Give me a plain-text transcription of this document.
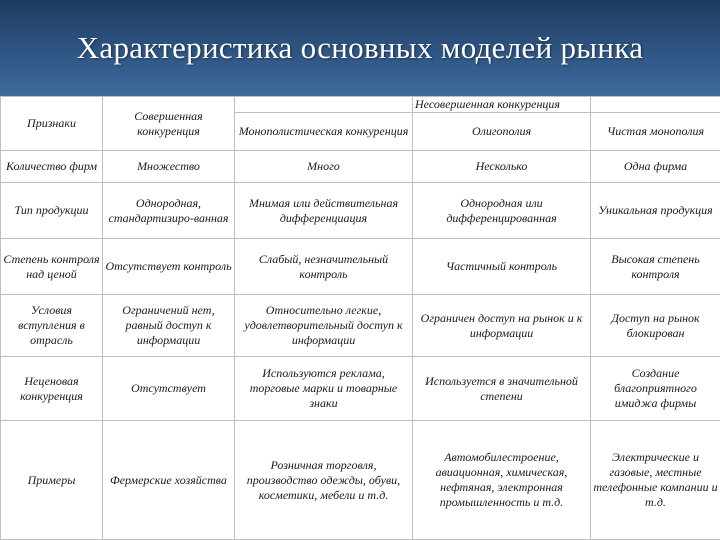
Характеристика основных моделей рынка
Признаки	Совершенная конкуренция		Несовершенная конкуренция	
		Монополистическая конкуренция	Олигополия	Чистая монополия
Количество фирм	Множество	Много	Несколько	Одна фирма
Тип продукции	Однородная, стандартизиро-ванная	Мнимая или действительная дифференциация	Однородная или дифференцированная	Уникальная продукция
Степень контроля над ценой	Отсутствует контроль	Слабый, незначительный контроль	Частичный контроль	Высокая степень контроля
Условия вступления в отрасль	Ограничений нет, равный доступ к информации	Относительно легкие, удовлетворительный доступ к информации	Ограничен доступ на рынок и к информации	Доступ на рынок блокирован
Неценовая конкуренция	Отсутствует	Используются реклама, торговые марки и товарные знаки	Используется в значительной степени	Создание благоприятного имиджа фирмы
Примеры	Фермерские хозяйства	Розничная торговля, производство одежды, обуви, косметики, мебели и т.д.	Автомобилестроение, авиационная, химическая, нефтяная, электронная промышленность и т.д.	Электрические и газовые, местные телефонные компании и т.д.
